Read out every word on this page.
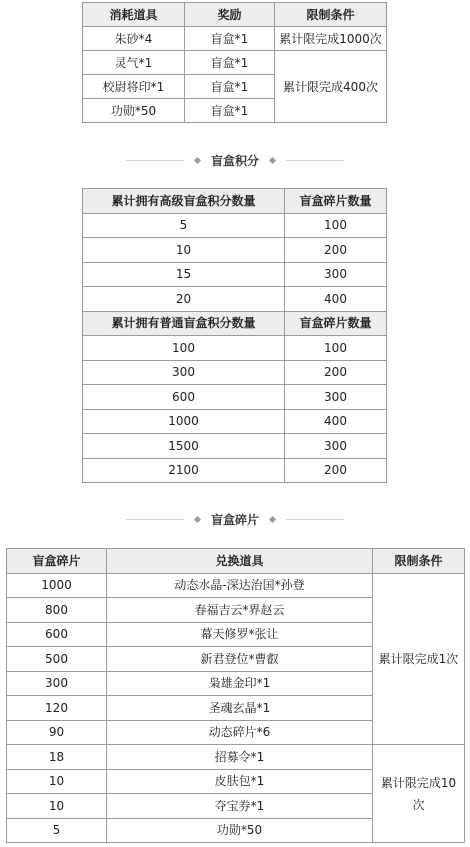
消耗道具	奖励	限制条件
朱砂*4	盲盒*1	累计限完成1000次
灵气*1	盲盒*1	累计限完成400次
校尉将印*1	盲盒*1	
功勋*50	盲盒*1	
盲盒积分
累计拥有高级盲盒积分数量	盲盒碎片数量
5	100
10	200
15	300
20	400
累计拥有普通盲盒积分数量	盲盒碎片数量
100	100
300	200
600	300
1000	400
1500	300
2100	200
盲盒碎片
盲盒碎片	兑换道具	限制条件
1000	动态水晶-深达治国*孙登	累计限完成1次
800	春福吉云*界赵云	
600	幕天修罗*张让	
500	新君登位*曹叡	
300	枭雄金印*1	
120	圣魂玄晶*1	
90	动态碎片*6	
18	招募令*1	累计限完成10次
10	皮肤包*1	
10	夺宝券*1	
5	功勋*50	
